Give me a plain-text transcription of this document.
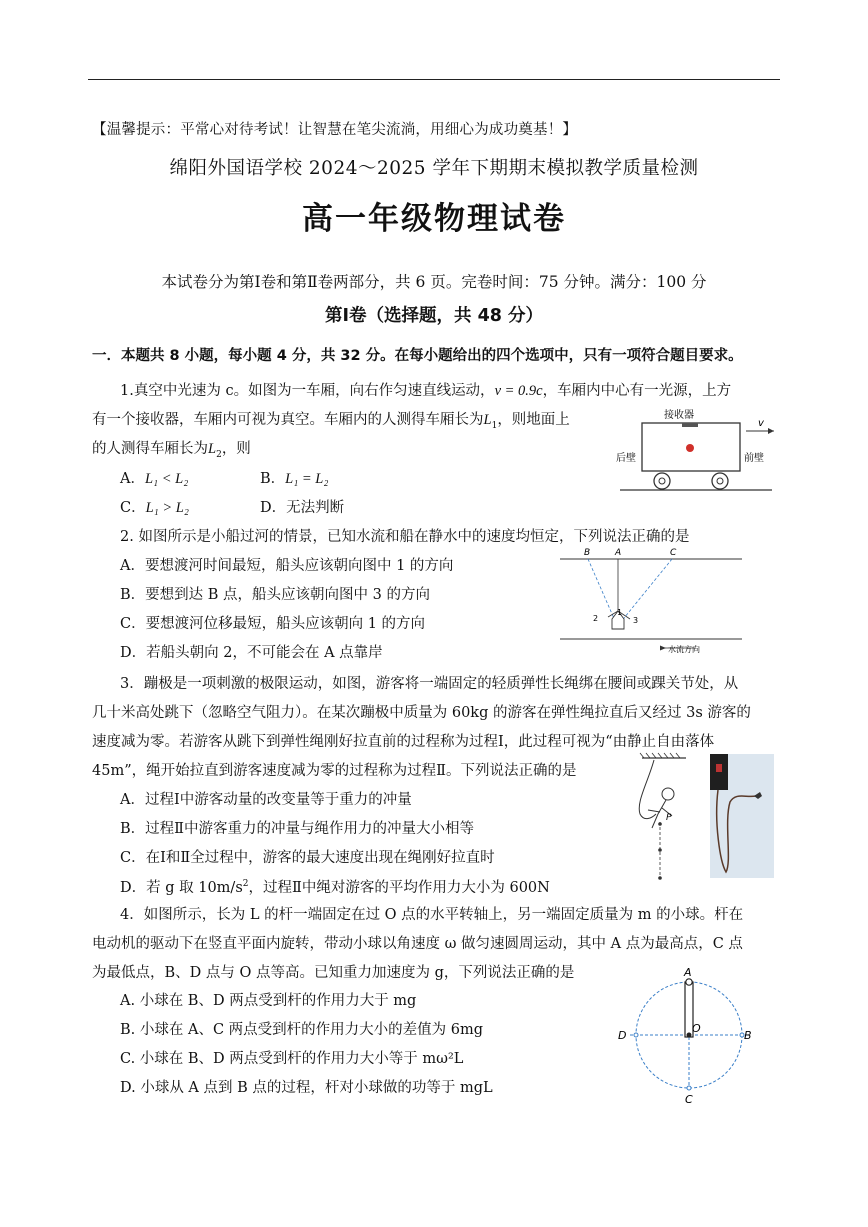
【温馨提示：平常心对待考试！让智慧在笔尖流淌，用细心为成功奠基！】
绵阳外国语学校 2024～2025 学年下期期末模拟教学质量检测
高一年级物理试卷
本试卷分为第Ⅰ卷和第Ⅱ卷两部分，共 6 页。完卷时间：75 分钟。满分：100 分
第Ⅰ卷（选择题，共 48 分）
一．本题共 8 小题，每小题 4 分，共 32 分。在每小题给出的四个选项中，只有一项符合题目要求。
1.真空中光速为 c。如图为一车厢，向右作匀速直线运动，v = 0.9c，车厢内中心有一光源，上方
有一个接收器，车厢内可视为真空。车厢内的人测得车厢长为$L_1$，则地面上
的人测得车厢长为$L_2$，则
A．L₁ < L₂	B．L₁ = L₂
C．L₁ > L₂	D．无法判断
接收器
后壁	前壁
v
2. 如图所示是小船过河的情景，已知水流和船在静水中的速度均恒定，下列说法正确的是
A．要想渡河时间最短，船头应该朝向图中 1 的方向
B．要想到达 B 点，船头应该朝向图中 3 的方向
C．要想渡河位移最短，船头应该朝向 1 的方向
D．若船头朝向 2，不可能会在 A 点靠岸
B	A	C
1
2	3
水流方向
3．蹦极是一项刺激的极限运动，如图，游客将一端固定的轻质弹性长绳绑在腰间或踝关节处，从
几十米高处跳下（忽略空气阻力）。在某次蹦极中质量为 60kg 的游客在弹性绳拉直后又经过 3s 游客的
速度减为零。若游客从跳下到弹性绳刚好拉直前的过程称为过程Ⅰ，此过程可视为“由静止自由落体
45m”，绳开始拉直到游客速度减为零的过程称为过程Ⅱ。下列说法正确的是
A．过程Ⅰ中游客动量的改变量等于重力的冲量
B．过程Ⅱ中游客重力的冲量与绳作用力的冲量大小相等
C．在Ⅰ和Ⅱ全过程中，游客的最大速度出现在绳刚好拉直时
D．若 g 取 $10m/s^2$，过程Ⅱ中绳对游客的平均作用力大小为 600N
P
4．如图所示，长为 L 的杆一端固定在过 O 点的水平转轴上，另一端固定质量为 m 的小球。杆在
电动机的驱动下在竖直平面内旋转，带动小球以角速度 ω 做匀速圆周运动，其中 A 点为最高点，C 点
为最低点，B、D 点与 O 点等高。已知重力加速度为 g，下列说法正确的是
A. 小球在 B、D 两点受到杆的作用力大于 mg
B. 小球在 A、C 两点受到杆的作用力大小的差值为 6mg
C. 小球在 B、D 两点受到杆的作用力大小等于 mω²L
D. 小球从 A 点到 B 点的过程，杆对小球做的功等于 mgL
A
B
C
D
O
